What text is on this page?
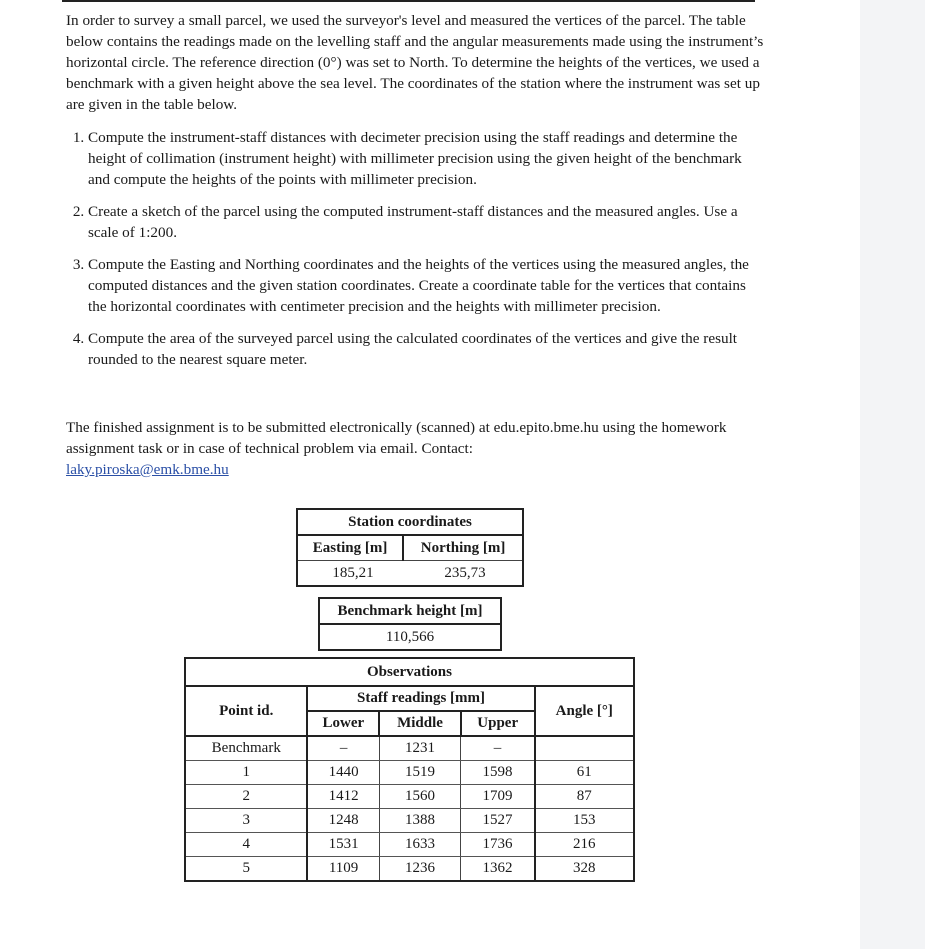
In order to survey a small parcel, we used the surveyor's level and measured the vertices of the parcel. The table below contains the readings made on the levelling staff and the angular measurements made using the instrument’s horizontal circle. The reference direction (0°) was set to North. To determine the heights of the vertices, we used a benchmark with a given height above the sea level. The coordinates of the station where the instrument was set up are given in the table below.

1. Compute the instrument-staff distances with decimeter precision using the staff readings and determine the height of collimation (instrument height) with millimeter precision using the given height of the benchmark and compute the heights of the points with millimeter precision.
2. Create a sketch of the parcel using the computed instrument-staff distances and the measured angles. Use a scale of 1:200.
3. Compute the Easting and Northing coordinates and the heights of the vertices using the measured angles, the computed distances and the given station coordinates. Create a coordinate table for the vertices that contains the horizontal coordinates with centimeter precision and the heights with millimeter precision.
4. Compute the area of the surveyed parcel using the calculated coordinates of the vertices and give the result rounded to the nearest square meter.

The finished assignment is to be submitted electronically (scanned) at edu.epito.bme.hu using the homework assignment task or in case of technical problem via email. Contact:
laky.piroska@emk.bme.hu

Station coordinates
Easting [m]	Northing [m]
185,21	235,73
Benchmark height [m]
110,566
Observations				
Point id.	Staff readings [mm]			Angle [°]
	Lower	Middle	Upper	
Benchmark	–	1231	–	
1	1440	1519	1598	61
2	1412	1560	1709	87
3	1248	1388	1527	153
4	1531	1633	1736	216
5	1109	1236	1362	328
